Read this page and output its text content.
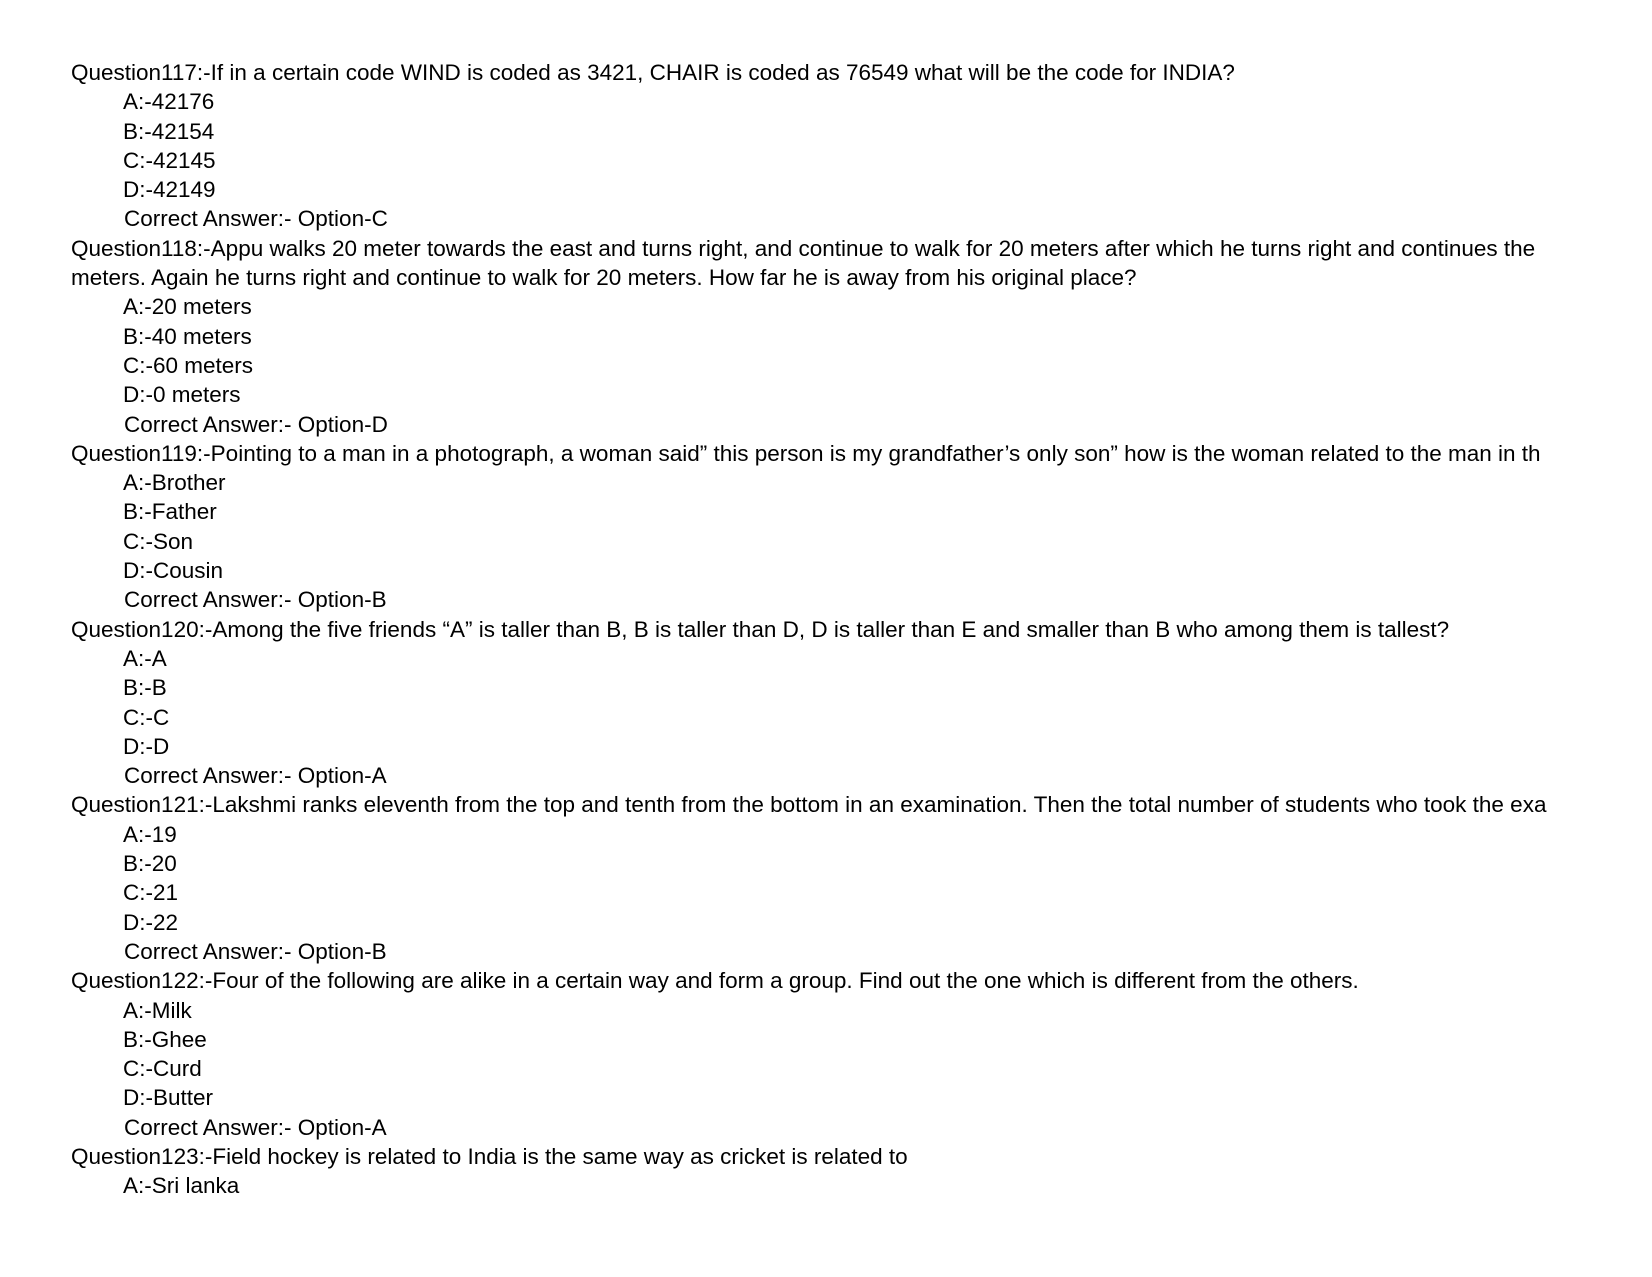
Question117:-If in a certain code WIND is coded as 3421, CHAIR is coded as 76549 what will be the code for INDIA?
A:-42176
B:-42154
C:-42145
D:-42149
Correct Answer:- Option-C
Question118:-Appu walks 20 meter towards the east and turns right, and continue to walk for 20 meters after which he turns right and continues the
meters. Again he turns right and continue to walk for 20 meters. How far he is away from his original place?
A:-20 meters
B:-40 meters
C:-60 meters
D:-0 meters
Correct Answer:- Option-D
Question119:-Pointing to a man in a photograph, a woman said” this person is my grandfather’s only son” how is the woman related to the man in th
A:-Brother
B:-Father
C:-Son
D:-Cousin
Correct Answer:- Option-B
Question120:-Among the five friends “A” is taller than B, B is taller than D, D is taller than E and smaller than B who among them is tallest?
A:-A
B:-B
C:-C
D:-D
Correct Answer:- Option-A
Question121:-Lakshmi ranks eleventh from the top and tenth from the bottom in an examination. Then the total number of students who took the exa
A:-19
B:-20
C:-21
D:-22
Correct Answer:- Option-B
Question122:-Four of the following are alike in a certain way and form a group. Find out the one which is different from the others.
A:-Milk
B:-Ghee
C:-Curd
D:-Butter
Correct Answer:- Option-A
Question123:-Field hockey is related to India is the same way as cricket is related to
A:-Sri lanka
